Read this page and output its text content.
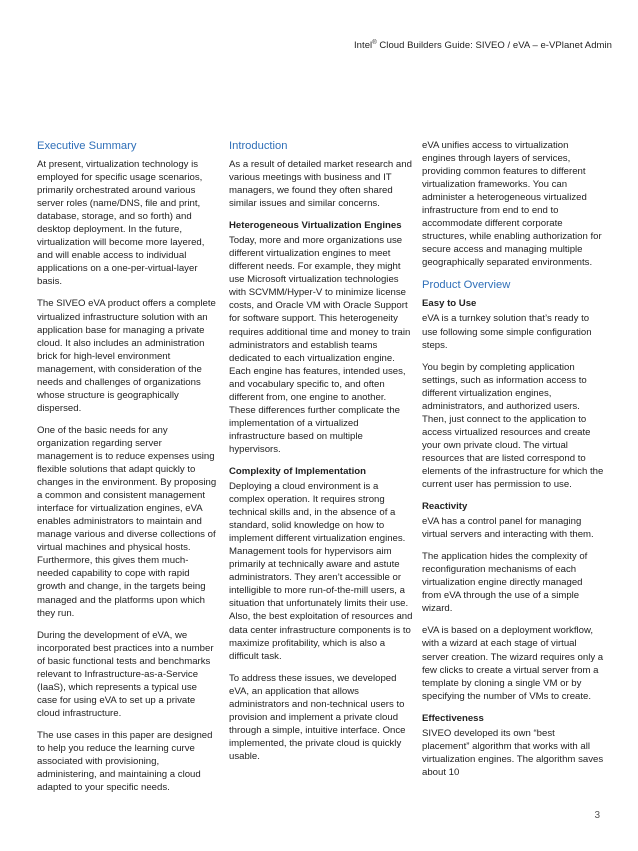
Intel® Cloud Builders Guide: SIVEO / eVA – e-VPlanet Admin
Executive Summary

At present, virtualization technology is employed for specific usage scenarios, primarily orchestrated around various server roles (name/DNS, file and print, database, storage, and so forth) and desktop deployment. In the future, virtualization will become more layered, and will enable access to individual applications on a one-per-virtual-layer basis.

The SIVEO eVA product offers a complete virtualized infrastructure solution with an application base for managing a private cloud. It also includes an administration brick for high-level environment management, with consideration of the needs and challenges of organizations whose structure is geographically dispersed.

One of the basic needs for any organization regarding server management is to reduce expenses using flexible solutions that adapt quickly to changes in the environment. By proposing a common and consistent management interface for virtualization engines, eVA enables administrators to maintain and manage various and diverse collections of virtual machines and physical hosts. Furthermore, this gives them much-needed capability to cope with rapid growth and change, in the targets being managed and the platforms upon which they run.

During the development of eVA, we incorporated best practices into a number of basic functional tests and benchmarks relevant to Infrastructure-as-a-Service (IaaS), which represents a typical use case for using eVA to set up a private cloud infrastructure.

The use cases in this paper are designed to help you reduce the learning curve associated with provisioning, administering, and maintaining a cloud adapted to your specific needs.

Introduction

As a result of detailed market research and various meetings with business and IT managers, we found they often shared similar issues and similar concerns.

Heterogeneous Virtualization Engines

Today, more and more organizations use different virtualization engines to meet different needs. For example, they might use Microsoft virtualization technologies with SCVMM/Hyper-V to minimize license costs, and Oracle VM with Oracle Support for software support. This heterogeneity requires additional time and money to train administrators and establish teams dedicated to each virtualization engine. Each engine has features, intended uses, and vocabulary specific to, and often different from, one engine to another. These differences further complicate the implementation of a virtualized infrastructure based on multiple hypervisors.

Complexity of Implementation

Deploying a cloud environment is a complex operation. It requires strong technical skills and, in the absence of a standard, solid knowledge on how to implement different virtualization engines. Management tools for hypervisors aim primarily at technically aware and astute administrators. They aren’t accessible or intelligible to more run-of-the-mill users, a situation that unfortunately limits their use. Also, the best exploitation of resources and data center infrastructure components is to maximize profitability, which is also a difficult task.

To address these issues, we developed eVA, an application that allows administrators and non-technical users to provision and implement a private cloud through a simple, intuitive interface. Once implemented, the private cloud is quickly usable.

eVA unifies access to virtualization engines through layers of services, providing common features to different virtualization frameworks. You can administer a heterogeneous virtualized infrastructure from end to end to accommodate different corporate structures, while enabling authorization for secure access and managing multiple geographically separated environments.

Product Overview
Easy to Use

eVA is a turnkey solution that’s ready to use following some simple configuration steps.

You begin by completing application settings, such as information access to different virtualization engines, administrators, and authorized users. Then, just connect to the application to access virtualized resources and create your own private cloud. The virtual resources that are listed correspond to elements of the infrastructure for which the current user has permission to use.

Reactivity

eVA has a control panel for managing virtual servers and interacting with them.

The application hides the complexity of reconfiguration mechanisms of each virtualization engine directly managed from eVA through the use of a simple wizard.

eVA is based on a deployment workflow, with a wizard at each stage of virtual server creation. The wizard requires only a few clicks to create a virtual server from a template by cloning a single VM or by specifying the number of VMs to create.

Effectiveness

SIVEO developed its own “best placement” algorithm that works with all virtualization engines. The algorithm saves about 10

3
